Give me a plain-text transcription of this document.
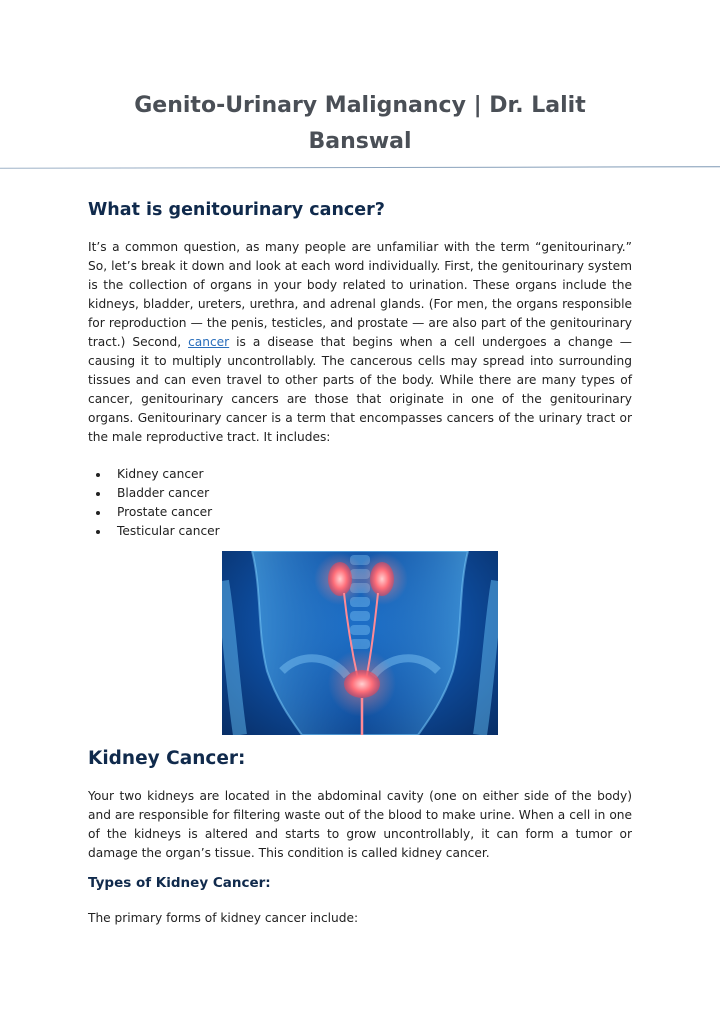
Genito-Urinary Malignancy | Dr. Lalit
Banswal
What is genitourinary cancer?
It’s a common question, as many people are unfamiliar with the term “genitourinary.” So, let’s break it down and look at each word individually. First, the genitourinary system is the collection of organs in your body related to urination. These organs include the kidneys, bladder, ureters, urethra, and adrenal glands. (For men, the organs responsible for reproduction — the penis, testicles, and prostate — are also part of the genitourinary tract.) Second, cancer is a disease that begins when a cell undergoes a change — causing it to multiply uncontrollably. The cancerous cells may spread into surrounding tissues and can even travel to other parts of the body. While there are many types of cancer, genitourinary cancers are those that originate in one of the genitourinary organs. Genitourinary cancer is a term that encompasses cancers of the urinary tract or the male reproductive tract. It includes:
Kidney cancer
Bladder cancer
Prostate cancer
Testicular cancer
Kidney Cancer:
Your two kidneys are located in the abdominal cavity (one on either side of the body) and are responsible for filtering waste out of the blood to make urine. When a cell in one of the kidneys is altered and starts to grow uncontrollably, it can form a tumor or damage the organ’s tissue. This condition is called kidney cancer.
Types of Kidney Cancer:
The primary forms of kidney cancer include:
